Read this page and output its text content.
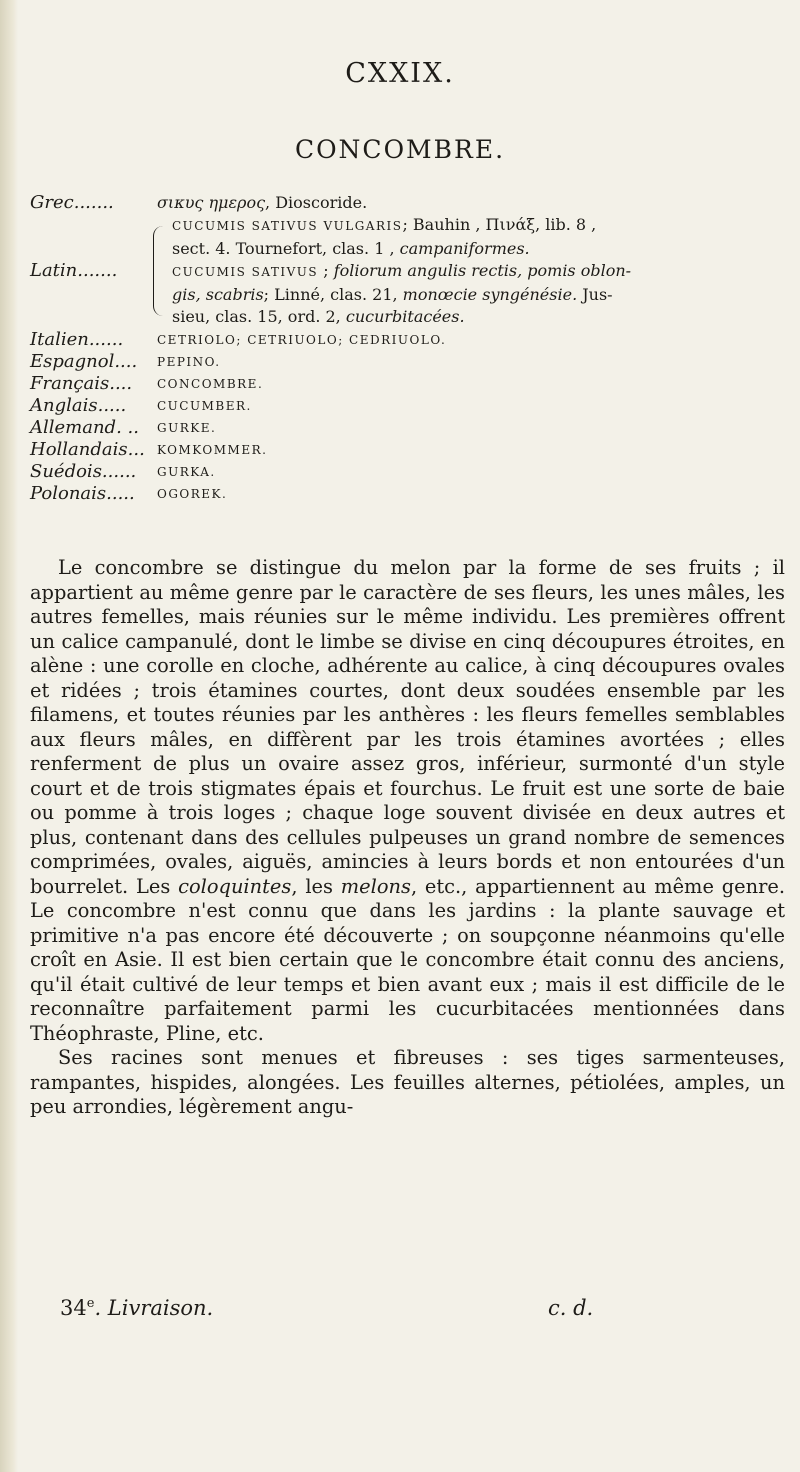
CXXIX.
CONCOMBRE.
Grec.......	σικυς ημερος, Dioscoride.
Latin.......
CUCUMIS SATIVUS VULGARIS; Bauhin , Πινάξ, lib. 8 ,
sect. 4. Tournefort, clas. 1 , campaniformes.
CUCUMIS SATIVUS ; foliorum angulis rectis, pomis oblon-
gis, scabris; Linné, clas. 21, monœcie syngénésie. Jus-
sieu, clas. 15, ord. 2, cucurbitacées.
Italien......	CETRIOLO; CETRIUOLO; CEDRIUOLO.
Espagnol....	PEPINO.
Français....	CONCOMBRE.
Anglais.....	CUCUMBER.
Allemand. ..	GURKE.
Hollandais...	KOMKOMMER.
Suédois......	GURKA.
Polonais.....	OGOREK.

Le concombre se distingue du melon par la forme de ses fruits ; il appartient au même genre par le caractère de ses fleurs, les unes mâles, les autres femelles, mais réunies sur le même individu. Les premières offrent un calice campanulé, dont le limbe se divise en cinq découpures étroites, en alène : une corolle en cloche, adhérente au calice, à cinq découpures ovales et ridées ; trois étamines courtes, dont deux soudées ensemble par les filamens, et toutes réunies par les anthères : les fleurs femelles semblables aux fleurs mâles, en diffèrent par les trois étamines avortées ; elles renferment de plus un ovaire assez gros, inférieur, surmonté d'un style court et de trois stigmates épais et fourchus. Le fruit est une sorte de baie ou pomme à trois loges ; chaque loge souvent divisée en deux autres et plus, contenant dans des cellules pulpeuses un grand nombre de semences comprimées, ovales, aiguës, amincies à leurs bords et non entourées d'un bourrelet. Les coloquintes, les melons, etc., appartiennent au même genre. Le concombre n'est connu que dans les jardins : la plante sauvage et primitive n'a pas encore été découverte ; on soupçonne néanmoins qu'elle croît en Asie. Il est bien certain que le concombre était connu des anciens, qu'il était cultivé de leur temps et bien avant eux ; mais il est difficile de le reconnaître parfaitement parmi les cucurbitacées mentionnées dans Théophraste, Pline, etc.

Ses racines sont menues et fibreuses : ses tiges sarmenteuses, rampantes, hispides, alongées. Les feuilles alternes, pétiolées, amples, un peu arrondies, légèrement angu-

34e. Livraison.	c. d.
